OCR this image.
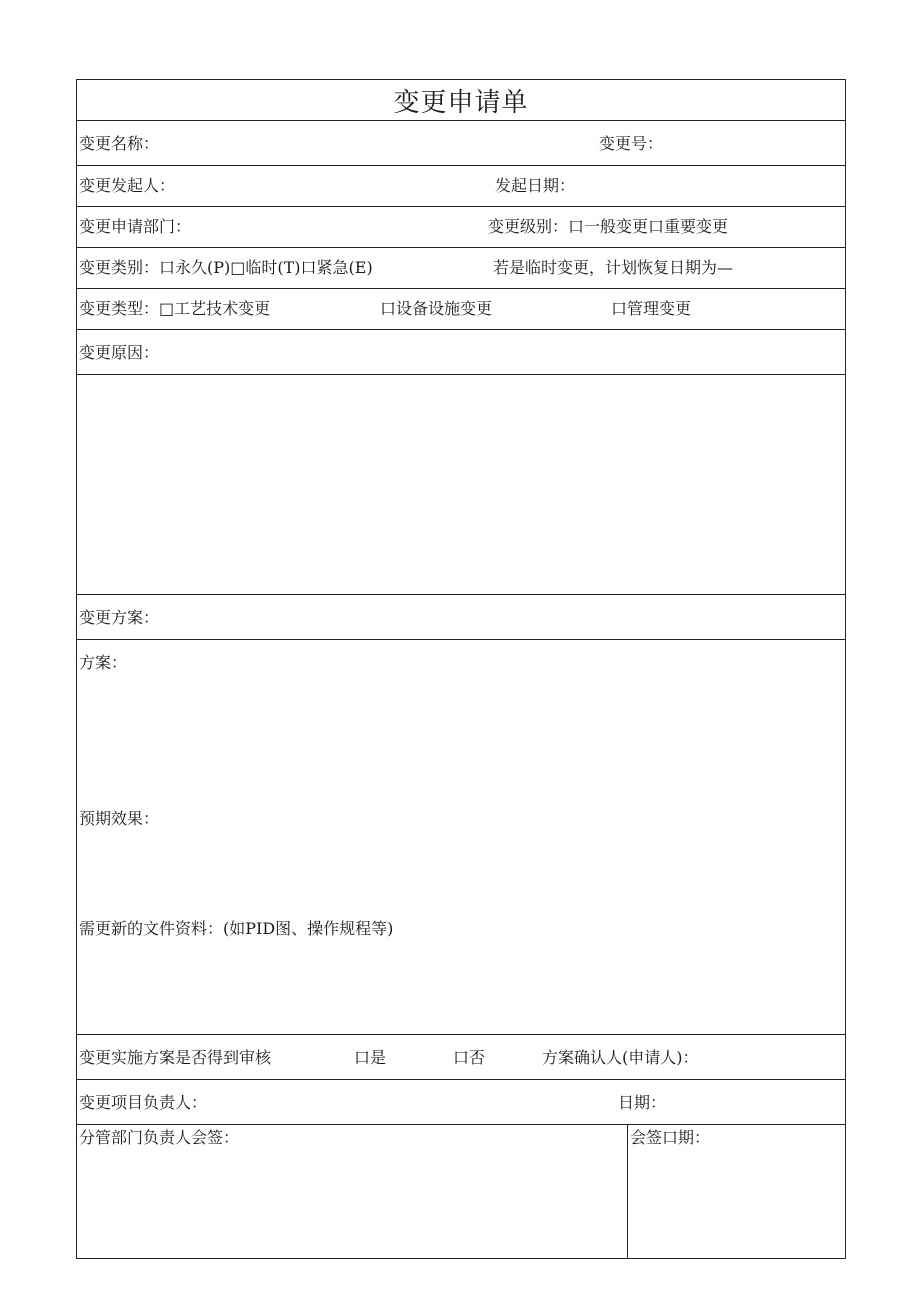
变更申请单
变更名称：	变更号：
变更发起人：	发起日期：
变更申请部门：	变更级别：口一般变更口重要变更
变更类别：口永久(P)□临时(T)口紧急(E)	若是临时变更，计划恢复日期为—
变更类型：□工艺技术变更	口设备设施变更	口管理变更
变更原因：
变更方案：
方案：
预期效果：
需更新的文件资料：(如PID图、操作规程等)
变更实施方案是否得到审核	口是	口否	方案确认人(申请人)：
变更项目负责人：	日期：
分管部门负责人会签：	会签口期：
